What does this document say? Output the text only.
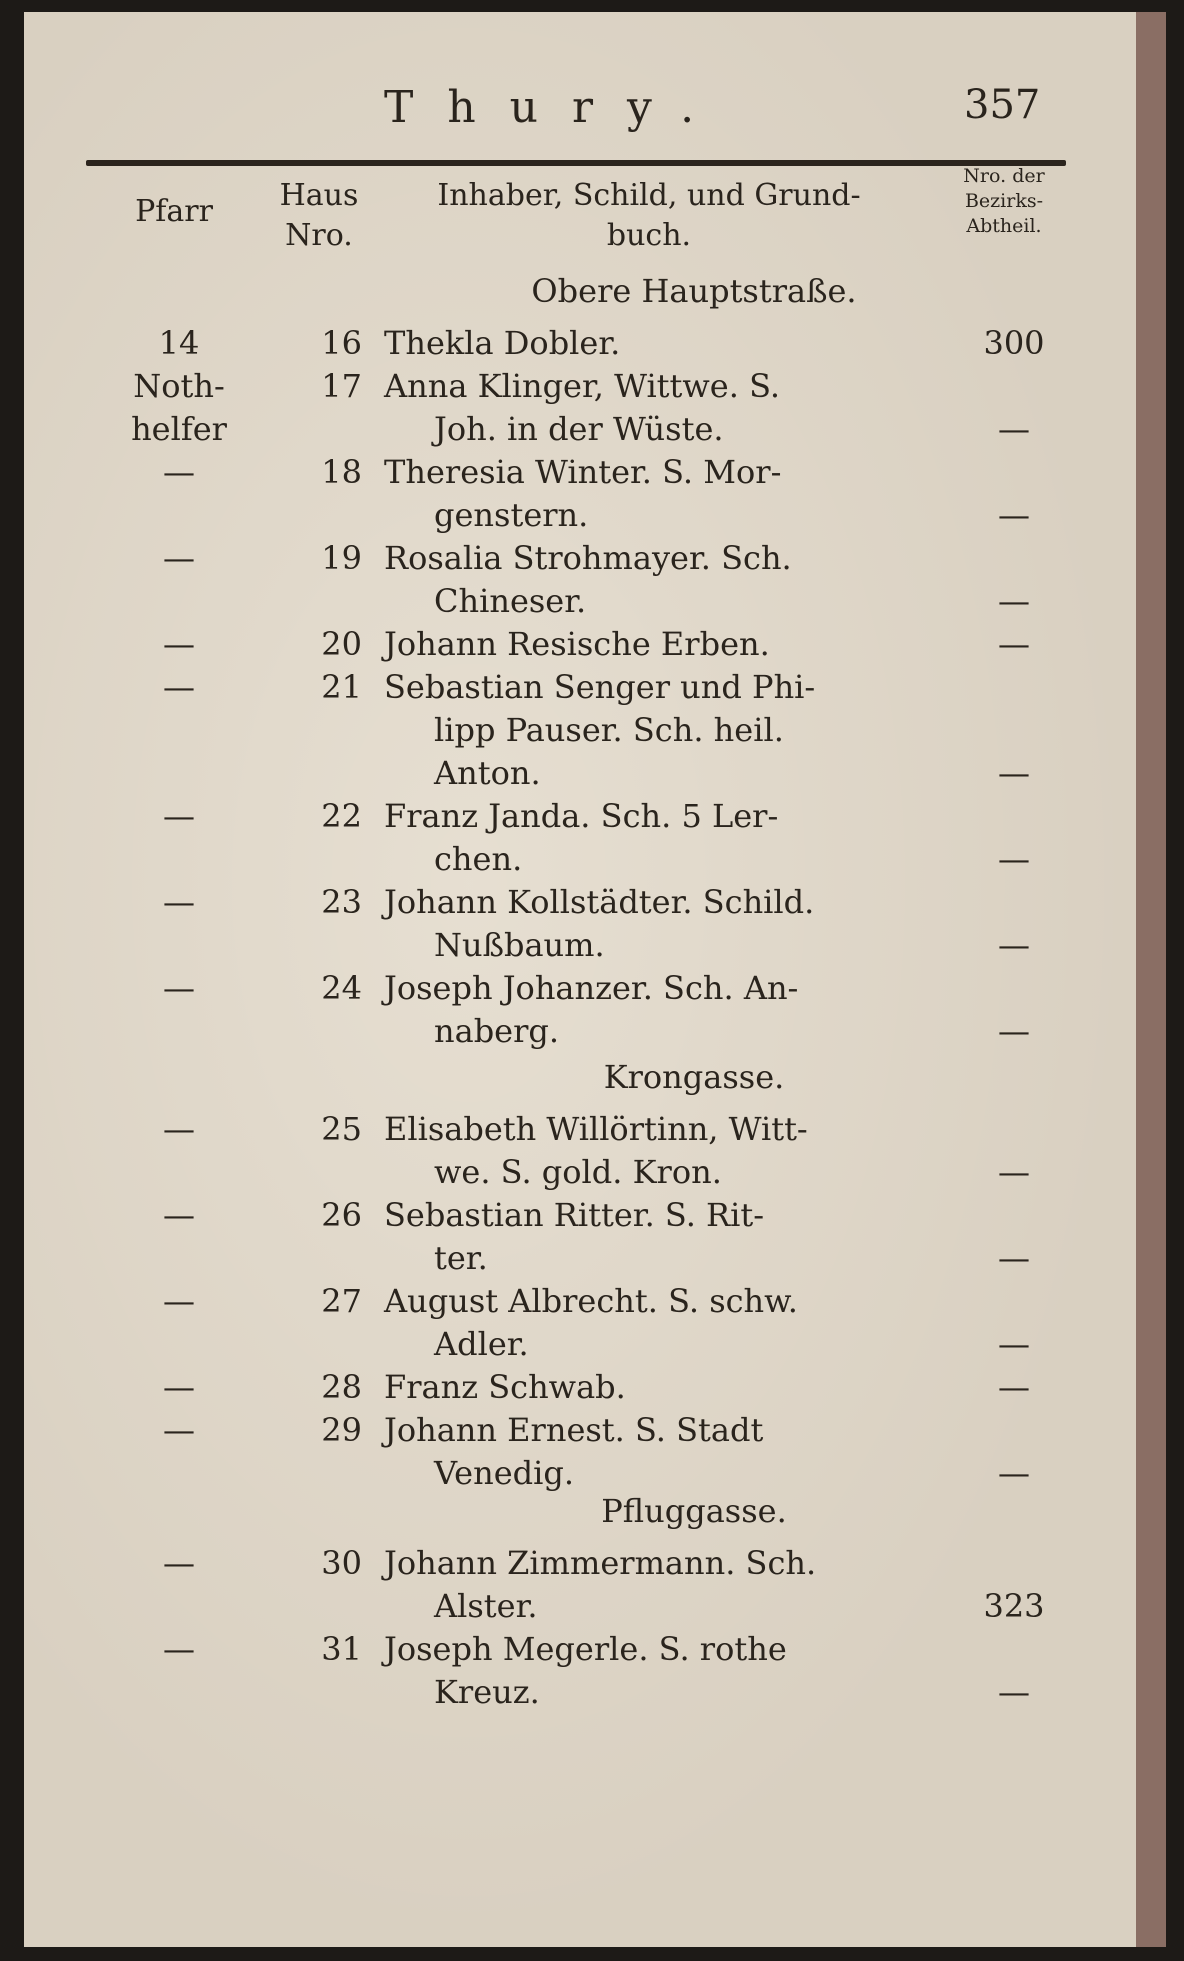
Thury.	357
Pfarr	Haus
Nro.
Inhaber, Schild, und Grund-
buch.
Nro. der
Bezirks-
Abtheil.
Obere Hauptstraße.
Krongasse.
Pfluggasse.
14	16 Thekla Dobler.	300
Noth-	17 Anna Klinger, Wittwe. S.
helfer	Joh. in der Wüste.	—
—	18 Theresia Winter. S. Mor-
genstern.	—
—	19 Rosalia Strohmayer. Sch.
Chineser.	—
—	20 Johann Resische Erben.	—
—	21 Sebastian Senger und Phi-
lipp Pauser. Sch. heil.
Anton.	—
—	22 Franz Janda. Sch. 5 Ler-
chen.	—
—	23 Johann Kollstädter. Schild.
Nußbaum.	—
—	24 Joseph Johanzer. Sch. An-
naberg.	—
—	25 Elisabeth Willörtinn, Witt-
we. S. gold. Kron.	—
—	26 Sebastian Ritter. S. Rit-
ter.	—
—	27 August Albrecht. S. schw.
Adler.	—
—	28 Franz Schwab.	—
—	29 Johann Ernest. S. Stadt
Venedig.	—
—	30 Johann Zimmermann. Sch.
Alster.	323
—	31 Joseph Megerle. S. rothe
Kreuz.	—
